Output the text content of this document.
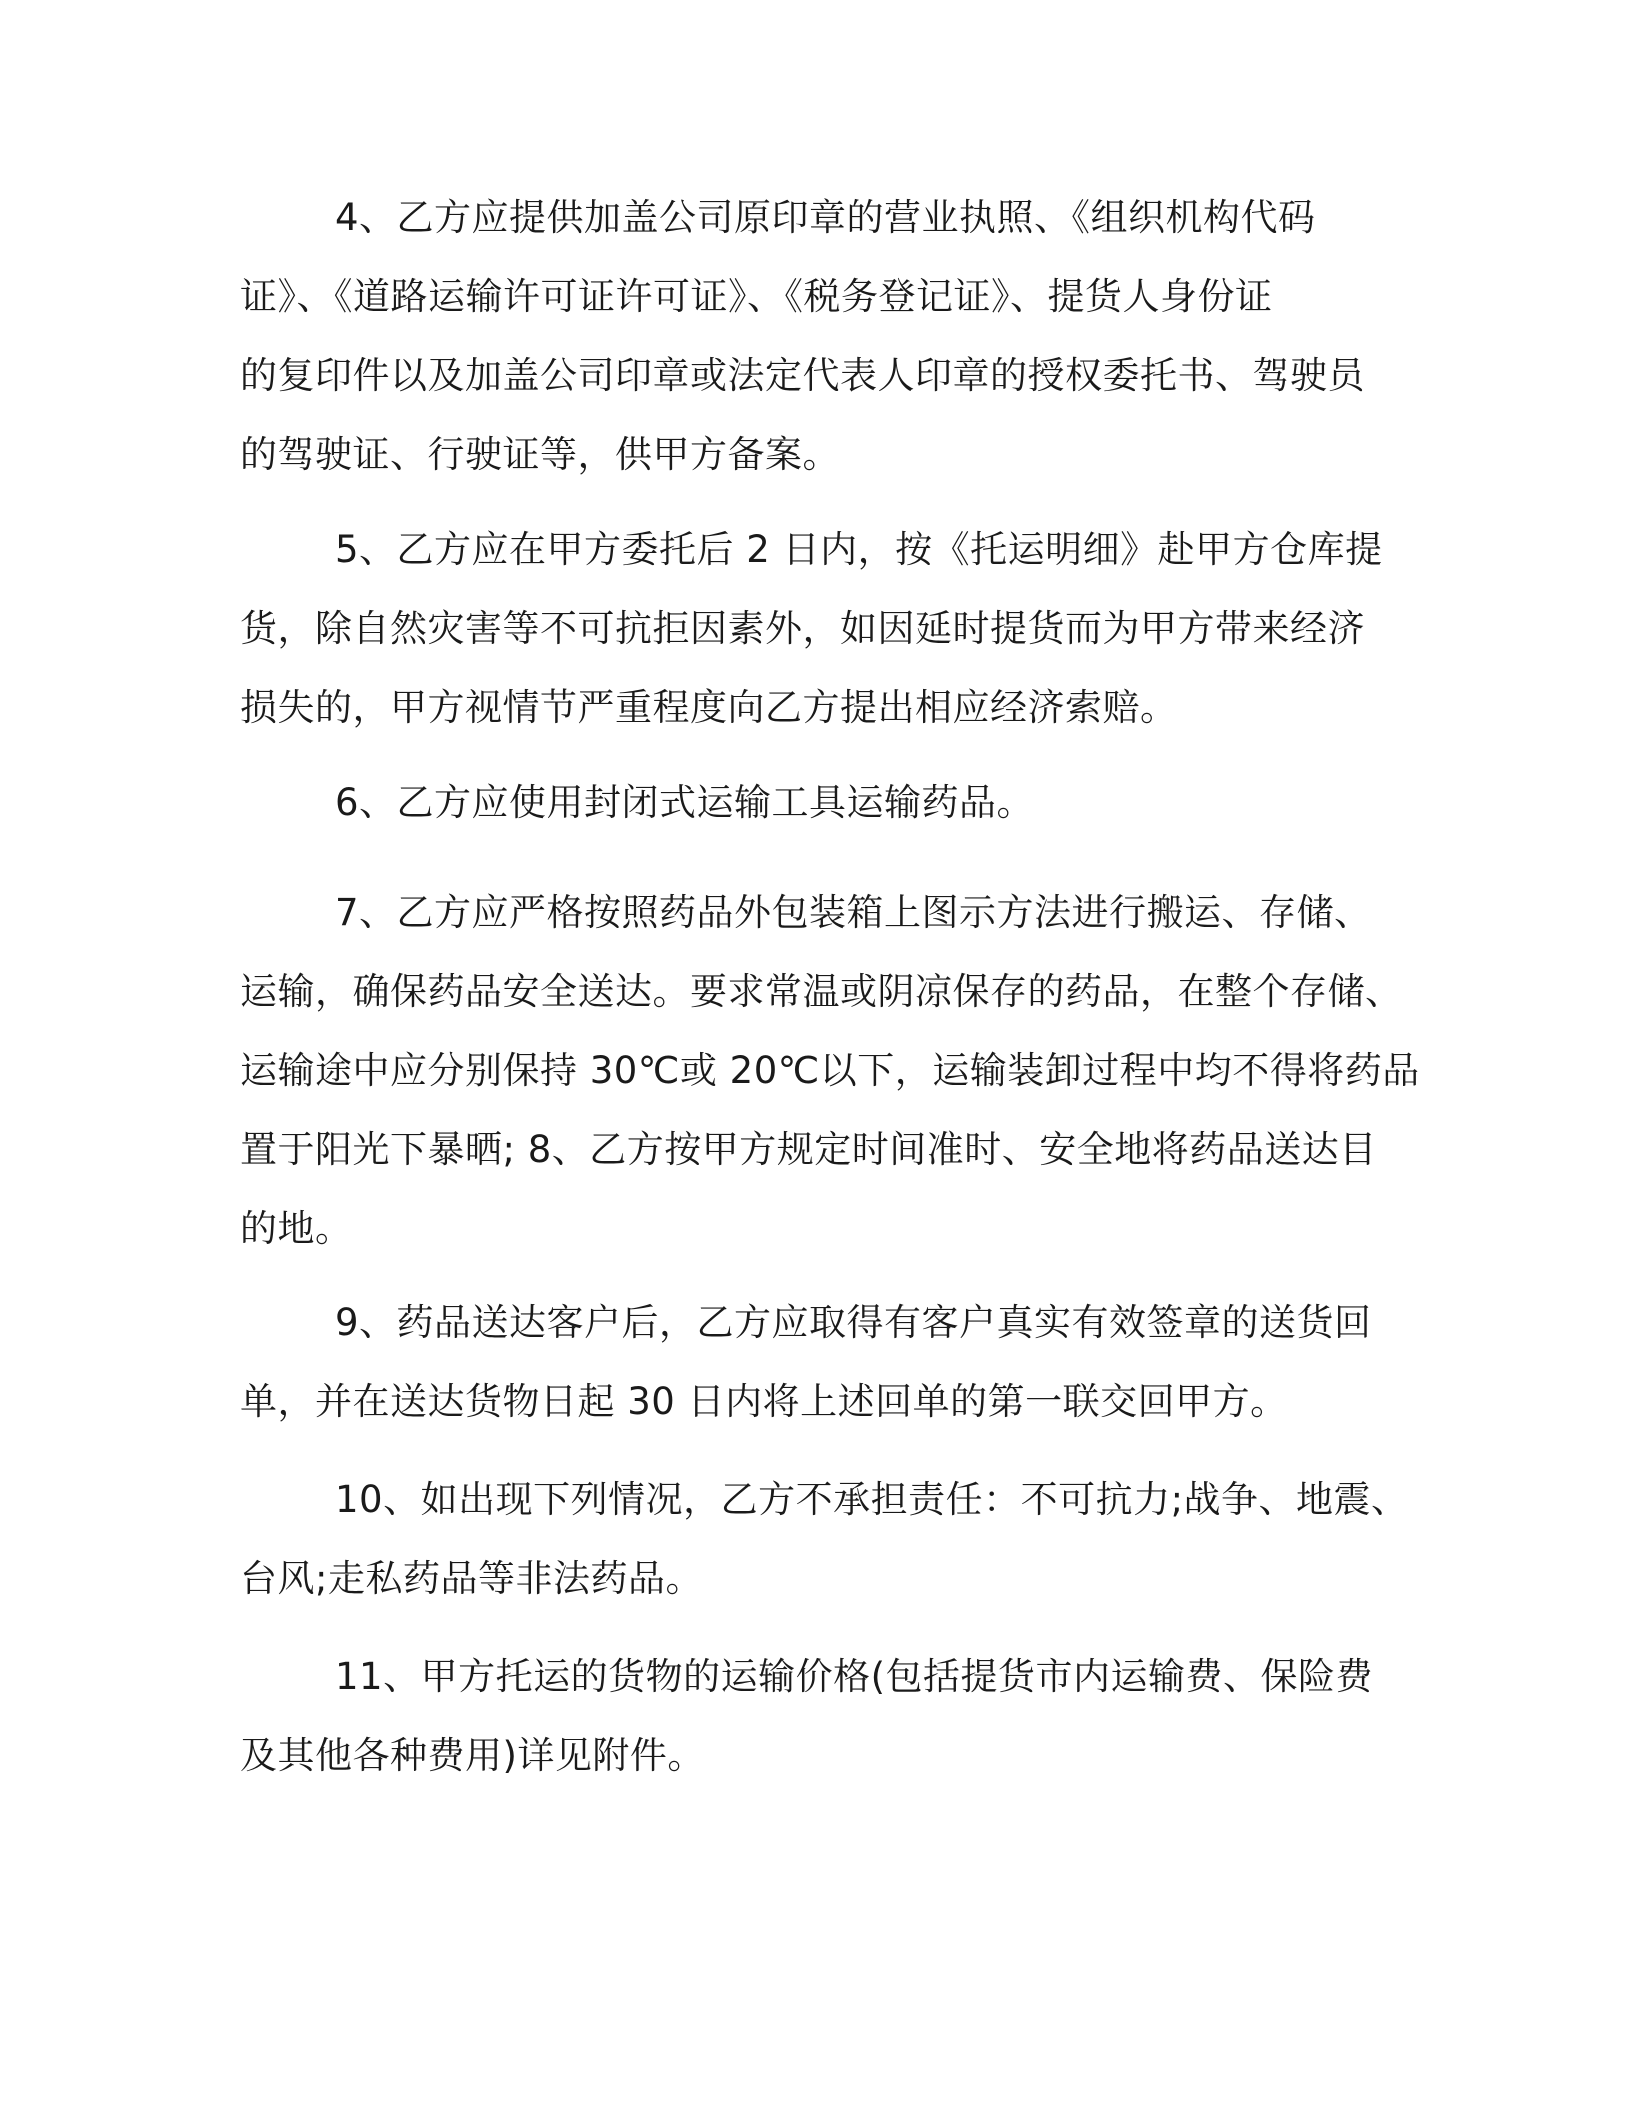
4、乙方应提供加盖公司原印章的营业执照、《组织机构代码
证》、《道路运输许可证许可证》、《税务登记证》、提货人身份证
的复印件以及加盖公司印章或法定代表人印章的授权委托书、驾驶员
的驾驶证、行驶证等，供甲方备案。

5、乙方应在甲方委托后 2 日内，按《托运明细》赴甲方仓库提
货，除自然灾害等不可抗拒因素外，如因延时提货而为甲方带来经济
损失的，甲方视情节严重程度向乙方提出相应经济索赔。

6、乙方应使用封闭式运输工具运输药品。

7、乙方应严格按照药品外包装箱上图示方法进行搬运、存储、
运输，确保药品安全送达。要求常温或阴凉保存的药品，在整个存储、
运输途中应分别保持 30℃或 20℃以下，运输装卸过程中均不得将药品
置于阳光下暴晒; 8、乙方按甲方规定时间准时、安全地将药品送达目
的地。

9、药品送达客户后，乙方应取得有客户真实有效签章的送货回
单，并在送达货物日起 30 日内将上述回单的第一联交回甲方。

10、如出现下列情况，乙方不承担责任：不可抗力;战争、地震、
台风;走私药品等非法药品。

11、甲方托运的货物的运输价格(包括提货市内运输费、保险费
及其他各种费用)详见附件。
